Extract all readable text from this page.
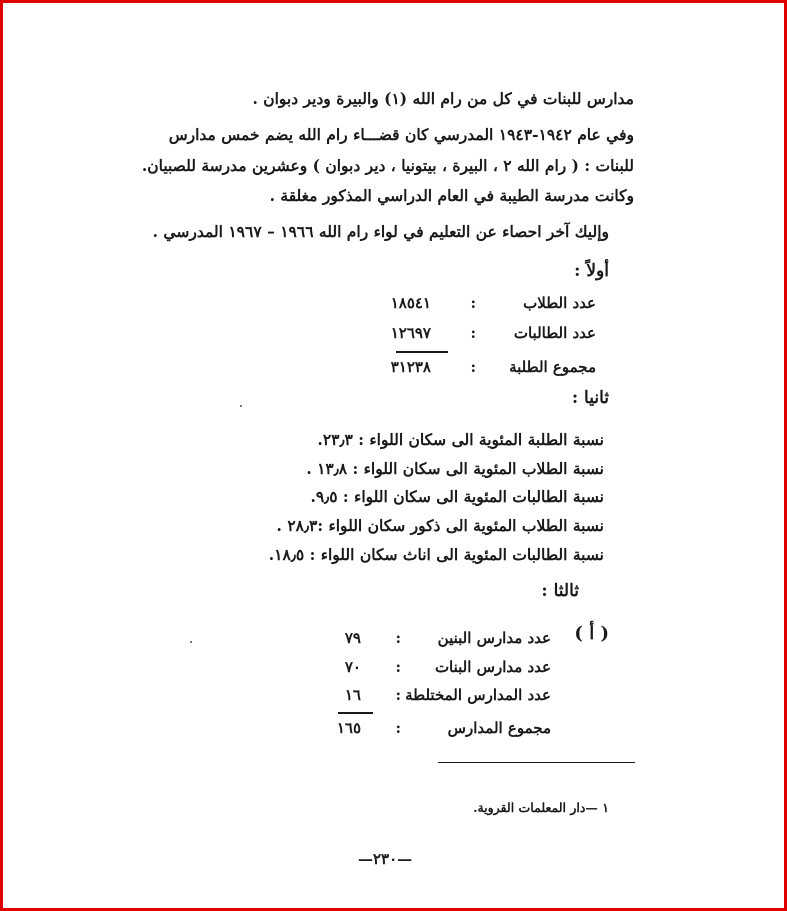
مدارس للبنات في كل من رام الله (١) والبيرة ودير دبوان .
وفي عام ١٩٤٢-١٩٤٣ المدرسي كان قضـــاء رام الله يضم خمس مدارس
للبنات : ( رام الله ٢ ، البيرة ، بيتونيا ، دير دبوان ) وعشرين مدرسة للصبيان.
وكانت مدرسة الطيبة في العام الدراسي المذكور مغلقة .
وإليك آخر احصاء عن التعليم في لواء رام الله ١٩٦٦ – ١٩٦٧ المدرسي .
أولاً :
عدد الطلاب
:
١٨٥٤١
عدد الطالبات
:
١٢٦٩٧
مجموع الطلبة
:
٣١٢٣٨
ثانيا :
نسبة الطلبة المئوية الى سكان اللواء : ٢٣٫٣.
نسبة الطلاب المئوية الى سكان اللواء : ١٣٫٨ .
نسبة الطالبات المئوية الى سكان اللواء : ٩٫٥.
نسبة الطلاب المئوية الى ذكور سكان اللواء :٢٨٫٣ .
نسبة الطالبات المئوية الى اناث سكان اللواء : ١٨٫٥.
ثالثا :
( أ )
عدد مدارس البنين
:
٧٩
عدد مدارس البنات
:
٧٠
عدد المدارس المختلطة
:
١٦
مجموع المدارس
:
١٦٥
١ —دار المعلمات القروية.
—٢٣٠—
